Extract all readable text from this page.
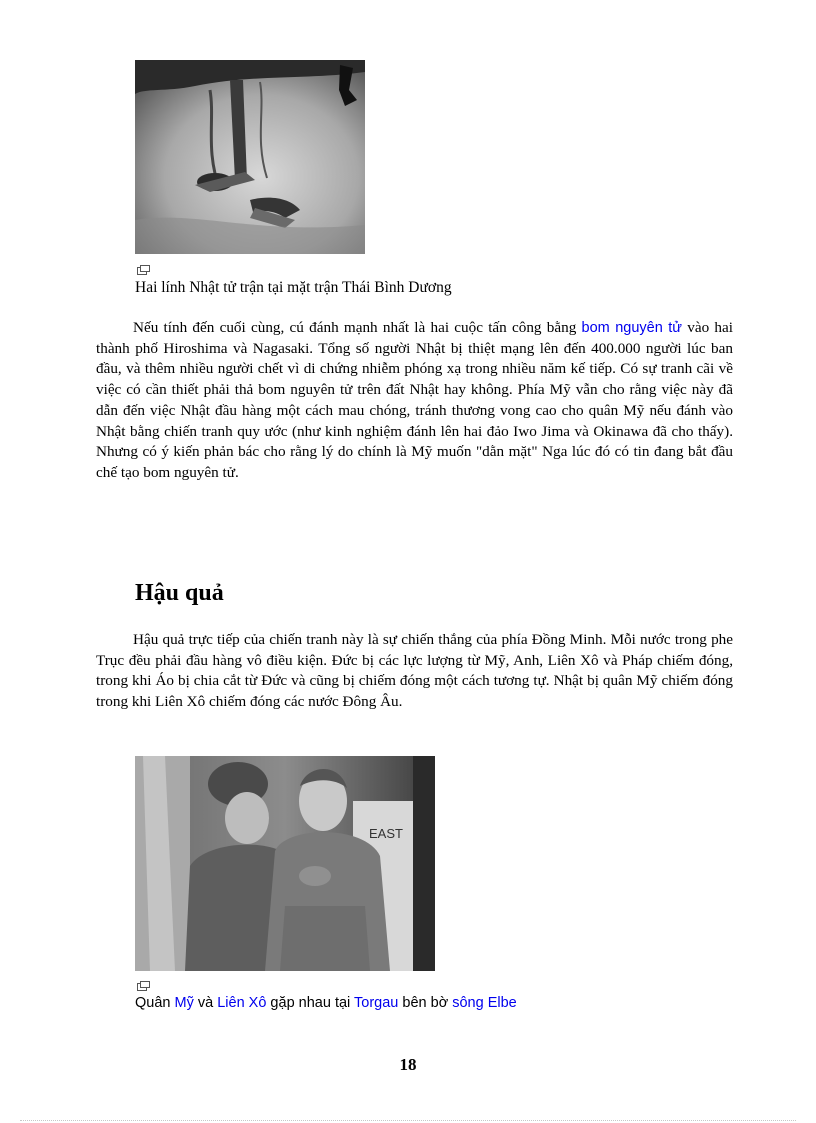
Hai lính Nhật tử trận tại mặt trận Thái Bình Dương

Nếu tính đến cuối cùng, cú đánh mạnh nhất là hai cuộc tấn công bằng bom nguyên tử vào hai thành phố Hiroshima và Nagasaki. Tổng số người Nhật bị thiệt mạng lên đến 400.000 người lúc ban đầu, và thêm nhiều người chết vì di chứng nhiễm phóng xạ trong nhiều năm kế tiếp. Có sự tranh cãi về việc có cần thiết phải thả bom nguyên tử trên đất Nhật hay không. Phía Mỹ vẫn cho rằng việc này đã dẫn đến việc Nhật đầu hàng một cách mau chóng, tránh thương vong cao cho quân Mỹ nếu đánh vào Nhật bằng chiến tranh quy ước (như kinh nghiệm đánh lên hai đảo Iwo Jima và Okinawa đã cho thấy). Nhưng có ý kiến phản bác cho rằng lý do chính là Mỹ muốn "dằn mặt" Nga lúc đó có tin đang bắt đầu chế tạo bom nguyên tử.

Hậu quả

Hậu quả trực tiếp của chiến tranh này là sự chiến thắng của phía Đồng Minh. Mỗi nước trong phe Trục đều phải đầu hàng vô điều kiện. Đức bị các lực lượng từ Mỹ, Anh, Liên Xô và Pháp chiếm đóng, trong khi Áo bị chia cắt từ Đức và cũng bị chiếm đóng một cách tương tự. Nhật bị quân Mỹ chiếm đóng trong khi Liên Xô chiếm đóng các nước Đông Âu.

EAST
Quân Mỹ và Liên Xô gặp nhau tại Torgau bên bờ sông Elbe
18
